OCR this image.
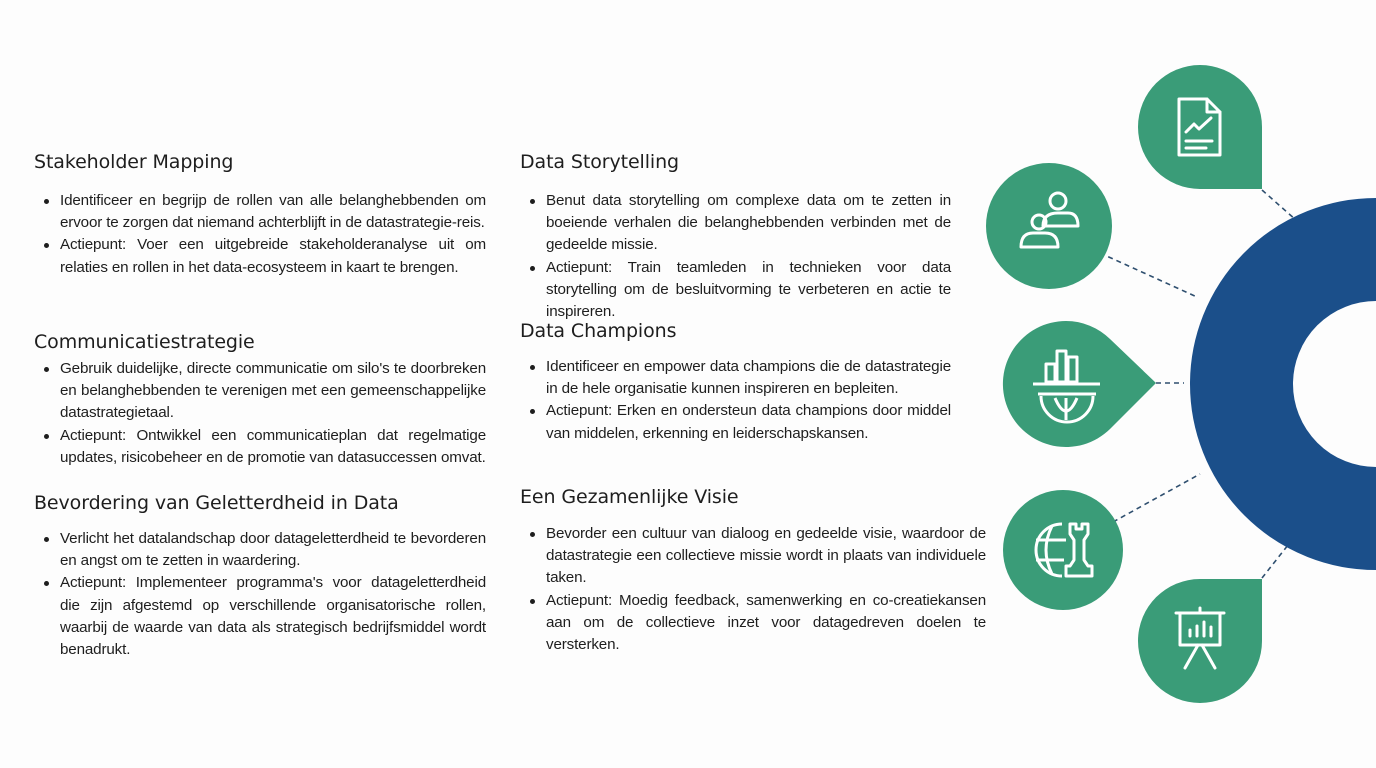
Stakeholder Mapping
Identificeer en begrijp de rollen van alle belanghebbenden om ervoor te zorgen dat niemand achterblijft in de datastrategie-reis.
Actiepunt: Voer een uitgebreide stakeholderanalyse uit om relaties en rollen in het data-ecosysteem in kaart te brengen.
Communicatiestrategie
Gebruik duidelijke, directe communicatie om silo's te doorbreken en belanghebbenden te verenigen met een gemeenschappelijke datastrategietaal.
Actiepunt: Ontwikkel een communicatieplan dat regelmatige updates, risicobeheer en de promotie van datasuccessen omvat.
Bevordering van Geletterdheid in Data
Verlicht het datalandschap door datageletterdheid te bevorderen en angst om te zetten in waardering.
Actiepunt: Implementeer programma's voor datageletterdheid die zijn afgestemd op verschillende organisatorische rollen, waarbij de waarde van data als strategisch bedrijfsmiddel wordt benadrukt.
Data Storytelling
Benut data storytelling om complexe data om te zetten in boeiende verhalen die belanghebbenden verbinden met de gedeelde missie.
Actiepunt: Train teamleden in technieken voor data storytelling om de besluitvorming te verbeteren en actie te inspireren.
Data Champions
Identificeer en empower data champions die de datastrategie in de hele organisatie kunnen inspireren en bepleiten.
Actiepunt: Erken en ondersteun data champions door middel van middelen, erkenning en leiderschapskansen.
Een Gezamenlijke Visie
Bevorder een cultuur van dialoog en gedeelde visie, waardoor de datastrategie een collectieve missie wordt in plaats van individuele taken.
Actiepunt: Moedig feedback, samenwerking en co-creatiekansen aan om de collectieve inzet voor datagedreven doelen te versterken.
